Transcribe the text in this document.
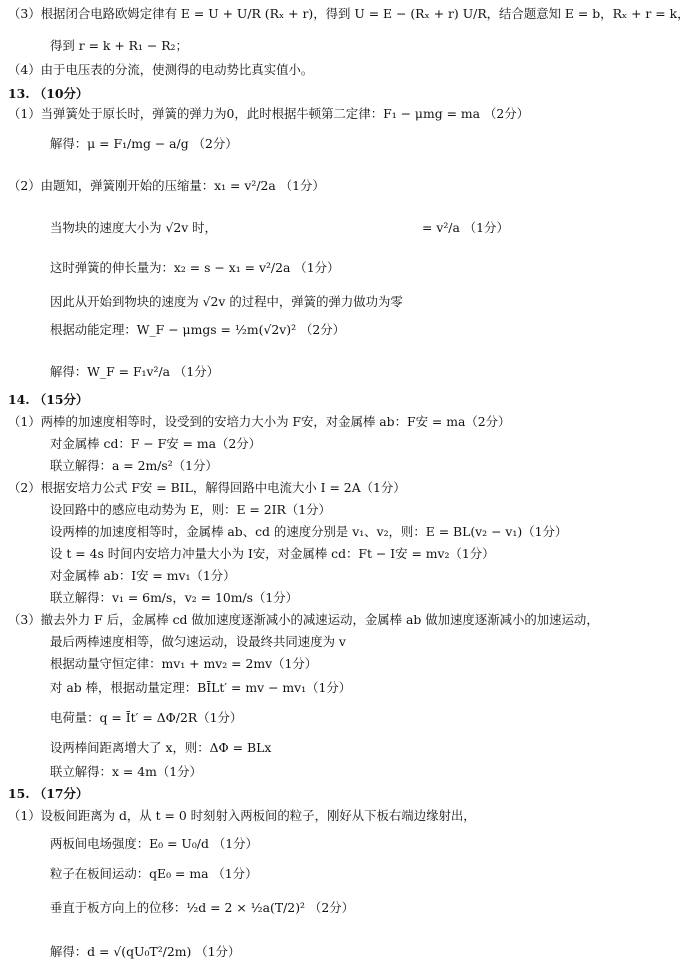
（3）根据闭合电路欧姆定律有 E = U + U/R (Rₓ + r)，得到 U = E − (Rₓ + r) U/R，结合题意知 E = b，Rₓ + r = k，
得到 r = k + R₁ − R₂；
（4）由于电压表的分流，使测得的电动势比真实值小。
13. （10分）
（1）当弹簧处于原长时，弹簧的弹力为0，此时根据牛顿第二定律：F₁ − μmg = ma （2分）
解得：μ = F₁/mg − a/g （2分）
（2）由题知，弹簧刚开始的压缩量：x₁ = v²/2a （1分）
当物块的速度大小为 √2v 时，	= v²/a （1分）
这时弹簧的伸长量为：x₂ = s − x₁ = v²/2a （1分）
因此从开始到物块的速度为 √2v 的过程中，弹簧的弹力做功为零
根据动能定理：W_F − μmgs = ½m(√2v)² （2分）
解得：W_F = F₁v²/a （1分）
14. （15分）
（1）两棒的加速度相等时，设受到的安培力大小为 F安，对金属棒 ab：F安 = ma（2分）
对金属棒 cd：F − F安 = ma（2分）
联立解得：a = 2m/s²（1分）
（2）根据安培力公式 F安 = BIL，解得回路中电流大小 I = 2A（1分）
设回路中的感应电动势为 E，则：E = 2IR（1分）
设两棒的加速度相等时，金属棒 ab、cd 的速度分别是 v₁、v₂，则：E = BL(v₂ − v₁)（1分）
设 t = 4s 时间内安培力冲量大小为 I安，对金属棒 cd：Ft − I安 = mv₂（1分）
对金属棒 ab：I安 = mv₁（1分）
联立解得：v₁ = 6m/s，v₂ = 10m/s（1分）
（3）撤去外力 F 后，金属棒 cd 做加速度逐渐减小的减速运动，金属棒 ab 做加速度逐渐减小的加速运动，
最后两棒速度相等，做匀速运动，设最终共同速度为 v
根据动量守恒定律：mv₁ + mv₂ = 2mv（1分）
对 ab 棒，根据动量定理：BĪLt′ = mv − mv₁（1分）
电荷量：q = Īt′ = ΔΦ/2R（1分）
设两棒间距离增大了 x，则：ΔΦ = BLx
联立解得：x = 4m（1分）
15. （17分）
（1）设板间距离为 d，从 t = 0 时刻射入两板间的粒子，刚好从下板右端边缘射出，
两板间电场强度：E₀ = U₀/d （1分）
粒子在板间运动：qE₀ = ma （1分）
垂直于板方向上的位移：½d = 2 × ½a(T/2)² （2分）
解得：d = √(qU₀T²/2m) （1分）
